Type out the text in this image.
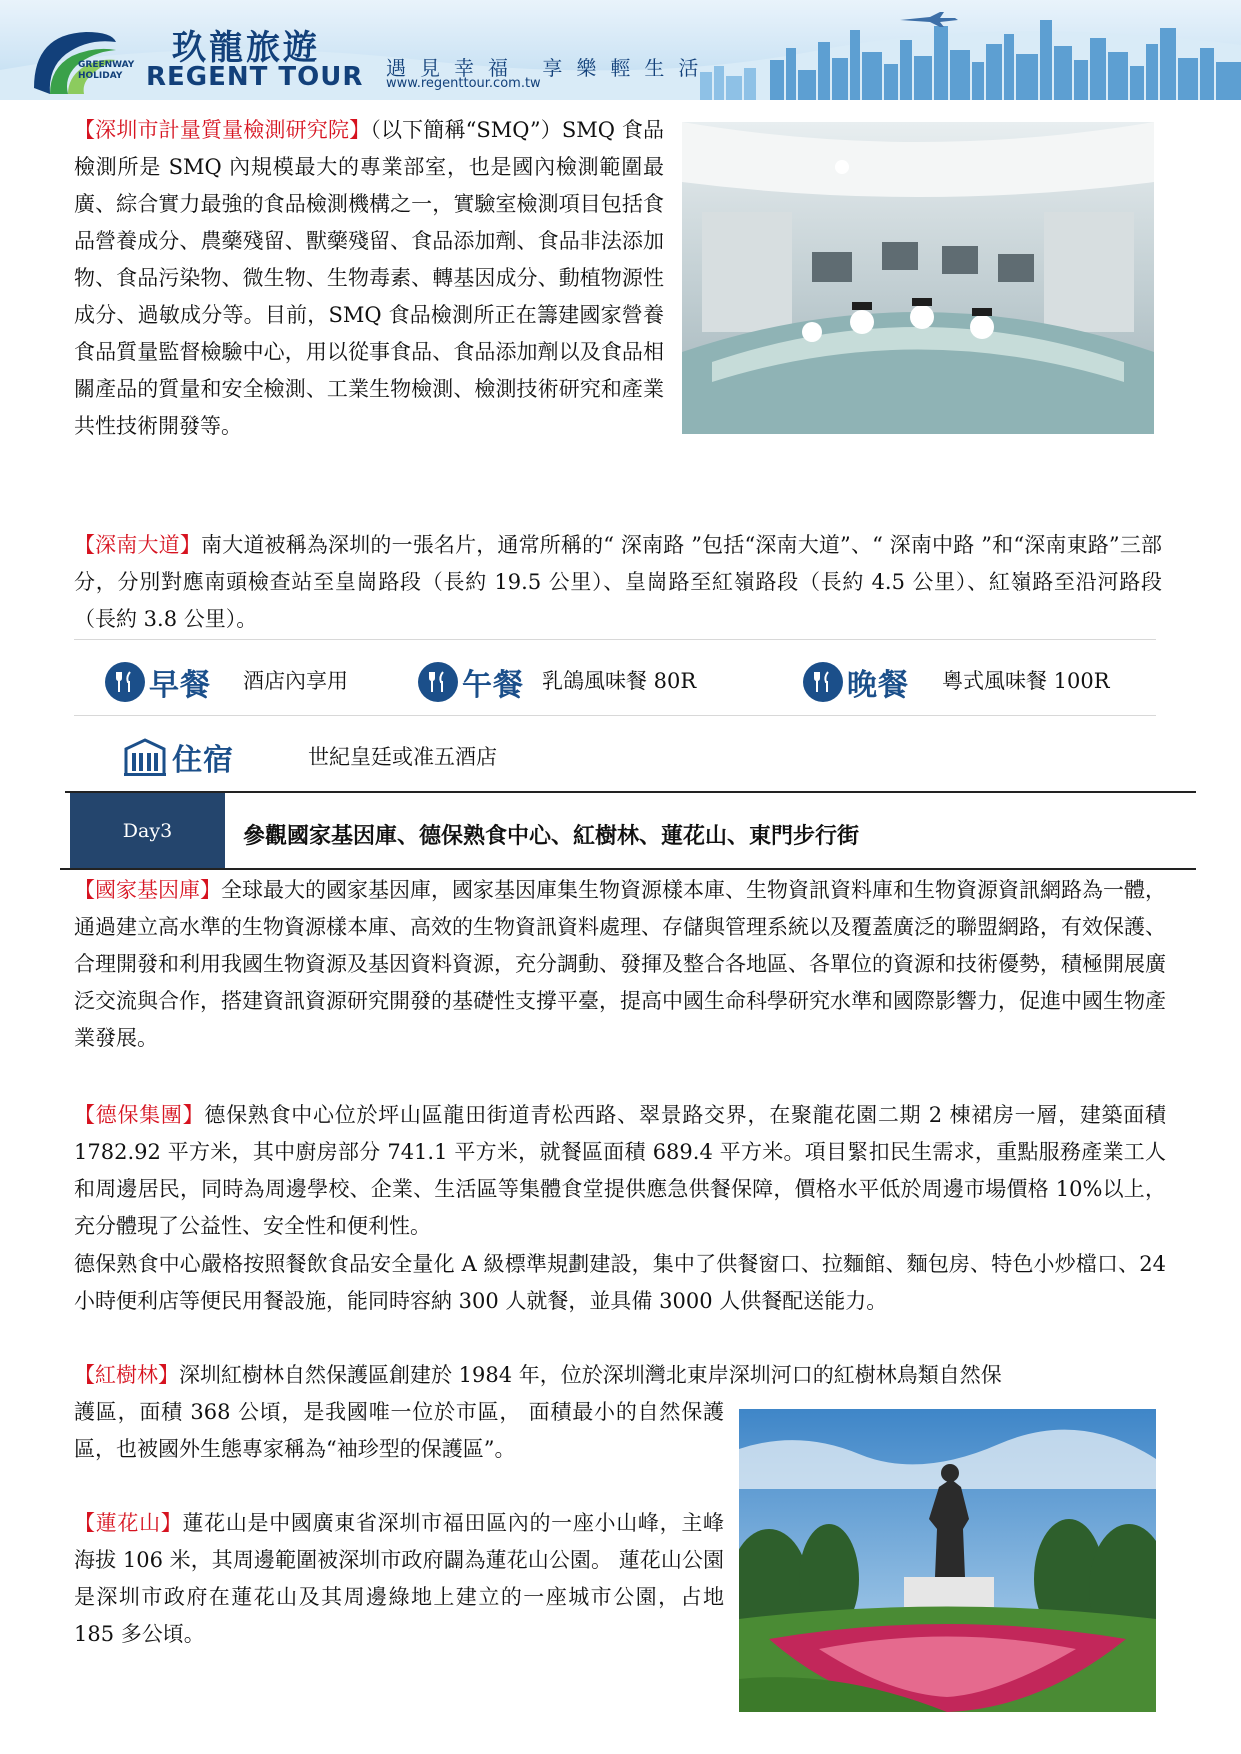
GREENWAY
HOLIDAY
玖龍旅遊
REGENT TOUR 遇見幸福 享樂輕生活
www.regenttour.com.tw
【深圳市計量質量檢測研究院】（以下簡稱“SMQ”）SMQ 食品檢測所是 SMQ 內規模最大的專業部室，也是國內檢測範圍最廣、綜合實力最強的食品檢測機構之一，實驗室檢測項目包括食品營養成分、農藥殘留、獸藥殘留、食品添加劑、食品非法添加物、食品污染物、微生物、生物毒素、轉基因成分、動植物源性成分、過敏成分等。目前，SMQ 食品檢測所正在籌建國家營養食品質量監督檢驗中心，用以從事食品、食品添加劑以及食品相關產品的質量和安全檢測、工業生物檢測、檢測技術研究和產業共性技術開發等。
【深南大道】南大道被稱為深圳的一張名片，通常所稱的“ 深南路 ”包括“深南大道”、“ 深南中路 ”和“深南東路”三部分，分別對應南頭檢查站至皇崗路段（長約 19.5 公里）、皇崗路至紅嶺路段（長約 4.5 公里）、紅嶺路至沿河路段（長約 3.8 公里）。
早餐 酒店內享用	午餐 乳鴿風味餐 80R	晚餐 粵式風味餐 100R
住宿	世紀皇廷或准五酒店
Day3	參觀國家基因庫、德保熟食中心、紅樹林、蓮花山、東門步行街
【國家基因庫】全球最大的國家基因庫，國家基因庫集生物資源樣本庫、生物資訊資料庫和生物資源資訊網路為一體，通過建立高水準的生物資源樣本庫、高效的生物資訊資料處理、存儲與管理系統以及覆蓋廣泛的聯盟網路，有效保護、合理開發和利用我國生物資源及基因資料資源，充分調動、發揮及整合各地區、各單位的資源和技術優勢，積極開展廣泛交流與合作，搭建資訊資源研究開發的基礎性支撐平臺，提高中國生命科學研究水準和國際影響力，促進中國生物產業發展。
【德保集團】德保熟食中心位於坪山區龍田街道青松西路、翠景路交界，在聚龍花園二期 2 棟裙房一層，建築面積 1782.92 平方米，其中廚房部分 741.1 平方米，就餐區面積 689.4 平方米。項目緊扣民生需求，重點服務產業工人和周邊居民，同時為周邊學校、企業、生活區等集體食堂提供應急供餐保障，價格水平低於周邊市場價格 10%以上，充分體現了公益性、安全性和便利性。
德保熟食中心嚴格按照餐飲食品安全量化 A 級標準規劃建設，集中了供餐窗口、拉麵館、麵包房、特色小炒檔口、24 小時便利店等便民用餐設施，能同時容納 300 人就餐，並具備 3000 人供餐配送能力。
【紅樹林】深圳紅樹林自然保護區創建於 1984 年，位於深圳灣北東岸深圳河口的紅樹林鳥類自然保
護區，面積 368 公頃，是我國唯一位於市區， 面積最小的自然保護區，也被國外生態專家稱為“袖珍型的保護區”。
【蓮花山】蓮花山是中國廣東省深圳市福田區內的一座小山峰，主峰海拔 106 米，其周邊範圍被深圳市政府闢為蓮花山公園。 蓮花山公園是深圳市政府在蓮花山及其周邊綠地上建立的一座城市公園，占地 185 多公頃。
